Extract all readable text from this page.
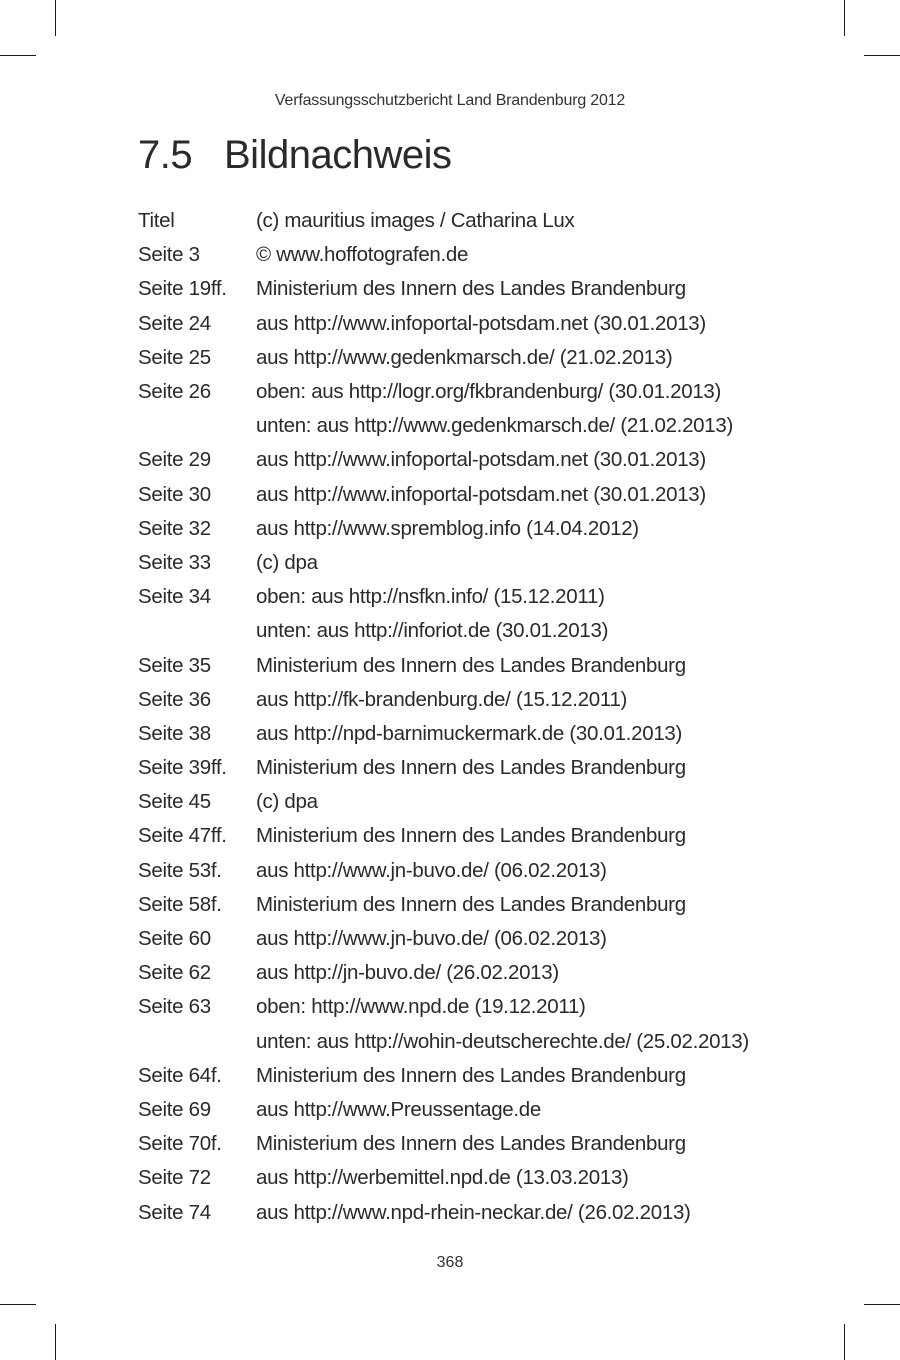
Verfassungsschutzbericht Land Brandenburg 2012
7.5 Bildnachweis
Titel	(c) mauritius images / Catharina Lux
Seite 3	© www.hoffotografen.de
Seite 19ff.	Ministerium des Innern des Landes Brandenburg
Seite 24	aus http://www.infoportal-potsdam.net (30.01.2013)
Seite 25	aus http://www.gedenkmarsch.de/ (21.02.2013)
Seite 26	oben: aus http://logr.org/fkbrandenburg/ (30.01.2013)
unten: aus http://www.gedenkmarsch.de/ (21.02.2013)
Seite 29	aus http://www.infoportal-potsdam.net (30.01.2013)
Seite 30	aus http://www.infoportal-potsdam.net (30.01.2013)
Seite 32	aus http://www.spremblog.info (14.04.2012)
Seite 33	(c) dpa
Seite 34	oben: aus http://nsfkn.info/ (15.12.2011)
unten: aus http://inforiot.de (30.01.2013)
Seite 35	Ministerium des Innern des Landes Brandenburg
Seite 36	aus http://fk-brandenburg.de/ (15.12.2011)
Seite 38	aus http://npd-barnimuckermark.de (30.01.2013)
Seite 39ff.	Ministerium des Innern des Landes Brandenburg
Seite 45	(c) dpa
Seite 47ff.	Ministerium des Innern des Landes Brandenburg
Seite 53f.	aus http://www.jn-buvo.de/ (06.02.2013)
Seite 58f.	Ministerium des Innern des Landes Brandenburg
Seite 60	aus http://www.jn-buvo.de/ (06.02.2013)
Seite 62	aus http://jn-buvo.de/ (26.02.2013)
Seite 63	oben: http://www.npd.de (19.12.2011)
unten: aus http://wohin-deutscherechte.de/ (25.02.2013)
Seite 64f.	Ministerium des Innern des Landes Brandenburg
Seite 69	aus http://www.Preussentage.de
Seite 70f.	Ministerium des Innern des Landes Brandenburg
Seite 72	aus http://werbemittel.npd.de (13.03.2013)
Seite 74	aus http://www.npd-rhein-neckar.de/ (26.02.2013)
368
